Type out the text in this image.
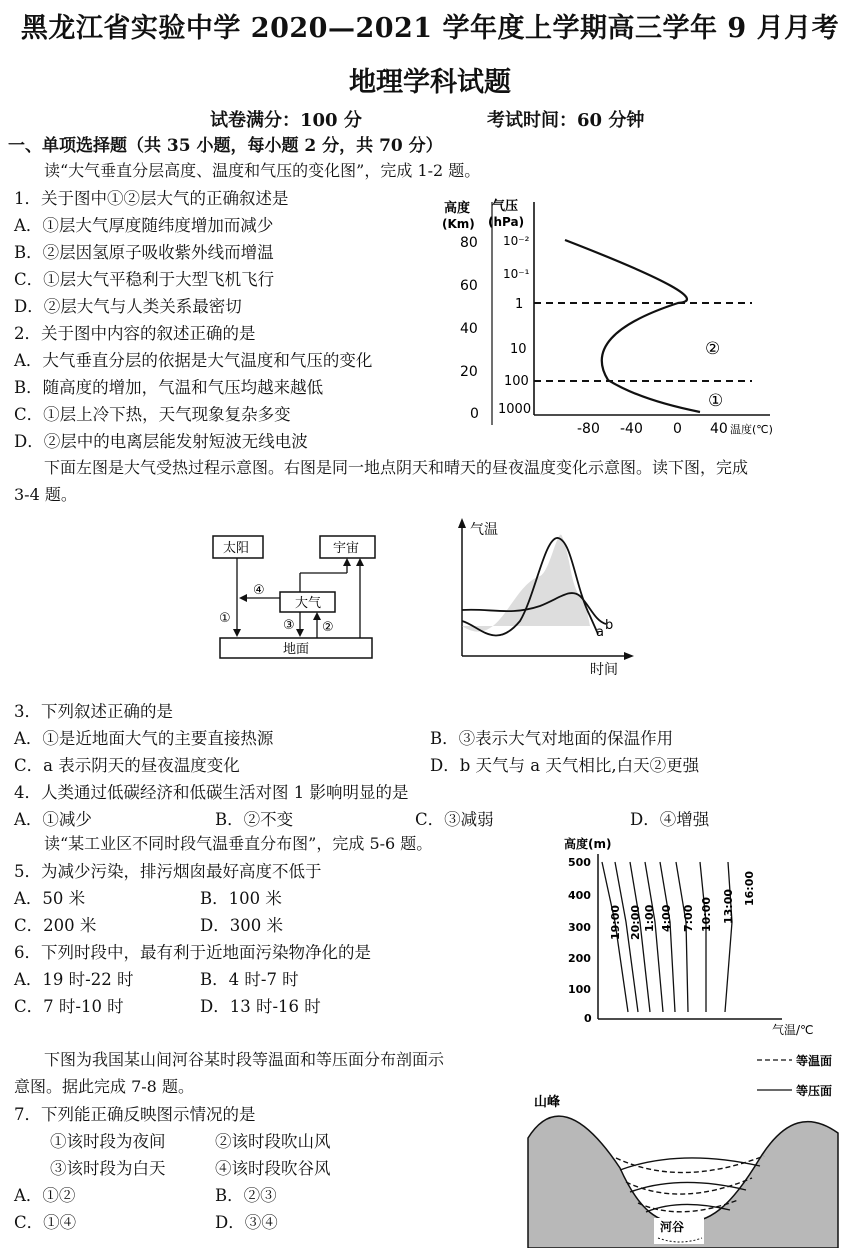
黑龙江省实验中学 2020—2021 学年度上学期高三学年 9 月月考
地理学科试题
试卷满分：100 分	考试时间：60 分钟
一、单项选择题（共 35 小题，每小题 2 分，共 70 分）
读“大气垂直分层高度、温度和气压的变化图”，完成 1-2 题。
1．关于图中①②层大气的正确叙述是
A．①层大气厚度随纬度增加而减少
B．②层因氢原子吸收紫外线而增温
C．①层大气平稳利于大型飞机飞行
D．②层大气与人类关系最密切
2．关于图中内容的叙述正确的是
A．大气垂直分层的依据是大气温度和气压的变化
B．随高度的增加，气温和气压均越来越低
C．①层上冷下热，天气现象复杂多变
D．②层中的电离层能发射短波无线电波
高度
(Km)
气压
(hPa)
80
60
40
20
0
10⁻²
10⁻¹
1
10
100
1000
②
①
-80 -40 0 40 温度(℃)
下面左图是大气受热过程示意图。右图是同一地点阴天和晴天的昼夜温度变化示意图。读下图，完成
3-4 题。
太阳	宇宙
大气
地面
①
②
③
④
气温
时间
a b
3．下列叙述正确的是
A．①是近地面大气的主要直接热源	B．③表示大气对地面的保温作用
C．a 表示阴天的昼夜温度变化	D．b 天气与 a 天气相比,白天②更强
4．人类通过低碳经济和低碳生活对图 1 影响明显的是
A．①减少	B．②不变	C．③减弱	D．④增强
读“某工业区不同时段气温垂直分布图”，完成 5-6 题。
5．为减少污染，排污烟囱最好高度不低于
A．50 米	B．100 米
C．200 米	D．300 米
6．下列时段中，最有利于近地面污染物净化的是
A．19 时-22 时	B．4 时-7 时
C．7 时-10 时	D．13 时-16 时
高度(m)
500
400
300
200
100
0
气温/℃
19:00 20:00 1:00 4:00 7:00 10:00 13:00
16:00
下图为我国某山间河谷某时段等温面和等压面分布剖面示
意图。据此完成 7-8 题。
7．下列能正确反映图示情况的是
①该时段为夜间	②该时段吹山风
③该时段为白天	④该时段吹谷风
A．①②	B．②③
C．①④	D．③④
等温面
等压面
山峰
河谷
